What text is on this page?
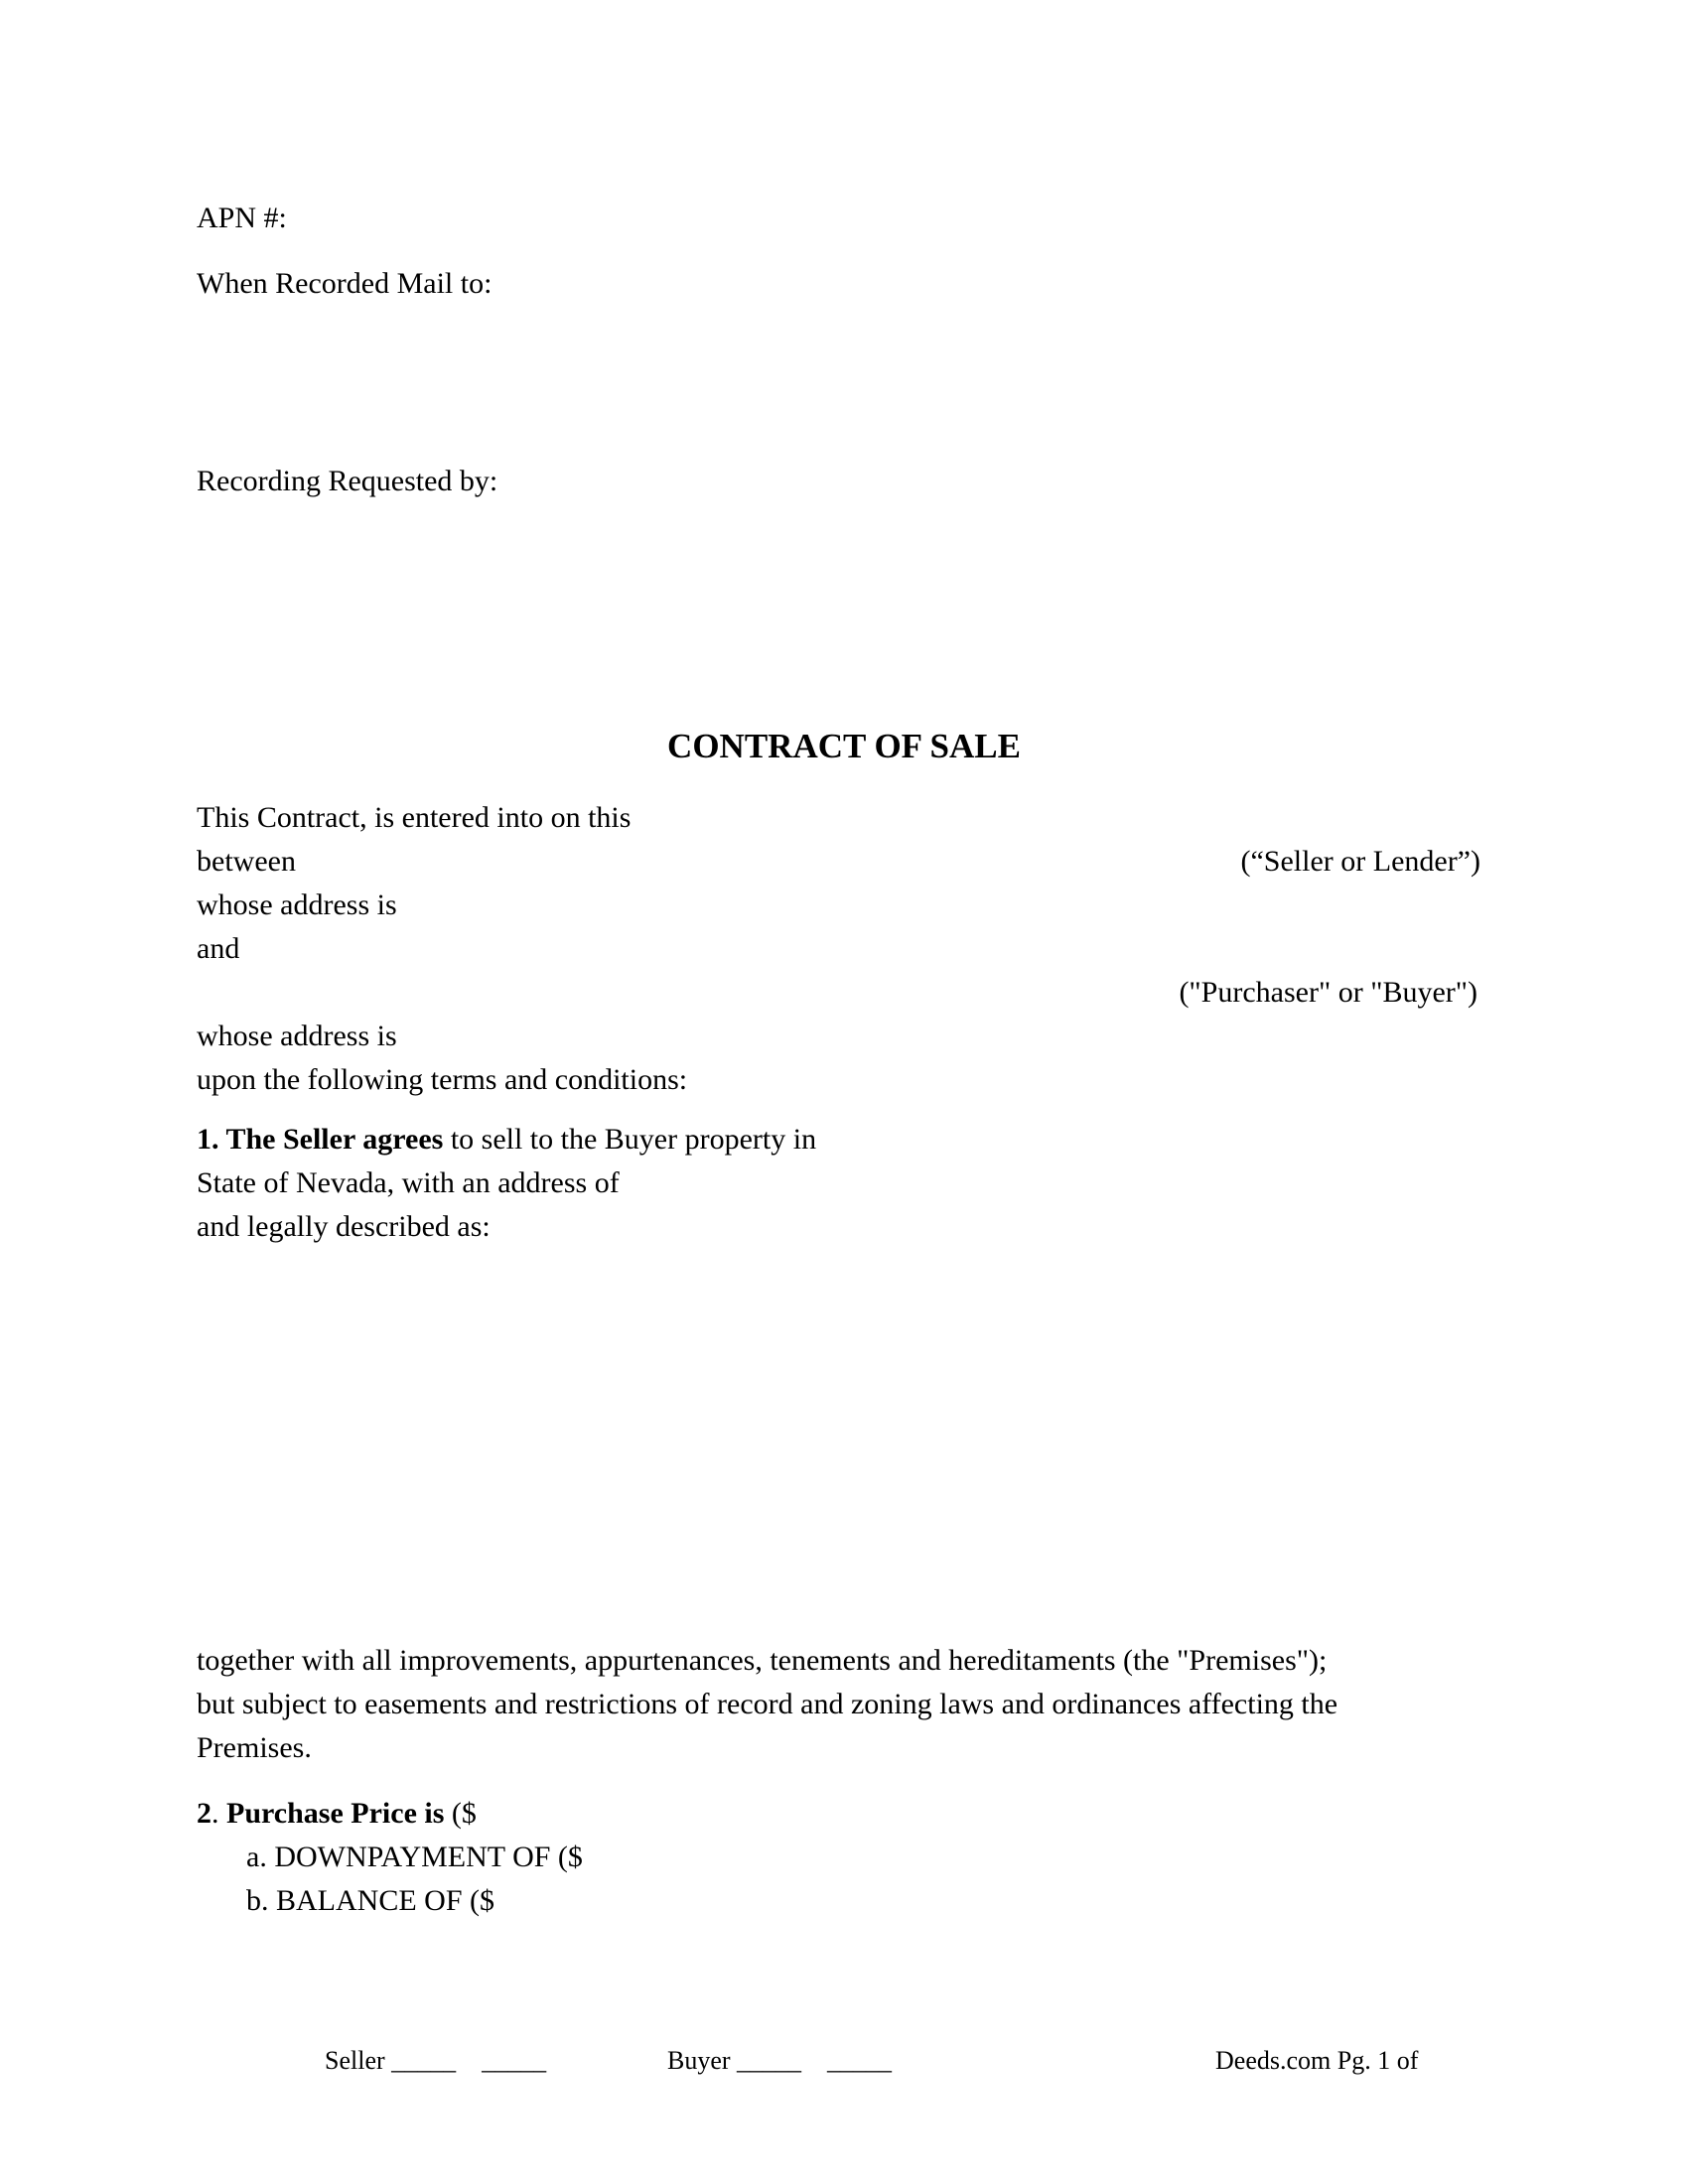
APN #:
When Recorded Mail to:
Recording Requested by:
CONTRACT OF SALE
This Contract, is entered into on this
between	(“Seller or Lender”)
whose address is
and
("Purchaser" or "Buyer")
whose address is
upon the following terms and conditions:
1. The Seller agrees to sell to the Buyer property in
State of Nevada, with an address of
and legally described as:
together with all improvements, appurtenances, tenements and hereditaments (the "Premises");
but subject to easements and restrictions of record and zoning laws and ordinances affecting the
Premises.
2. Purchase Price is ($
a. DOWNPAYMENT OF ($
b. BALANCE OF ($
Seller _____ _____	Buyer _____ _____	Deeds.com Pg. 1 of
